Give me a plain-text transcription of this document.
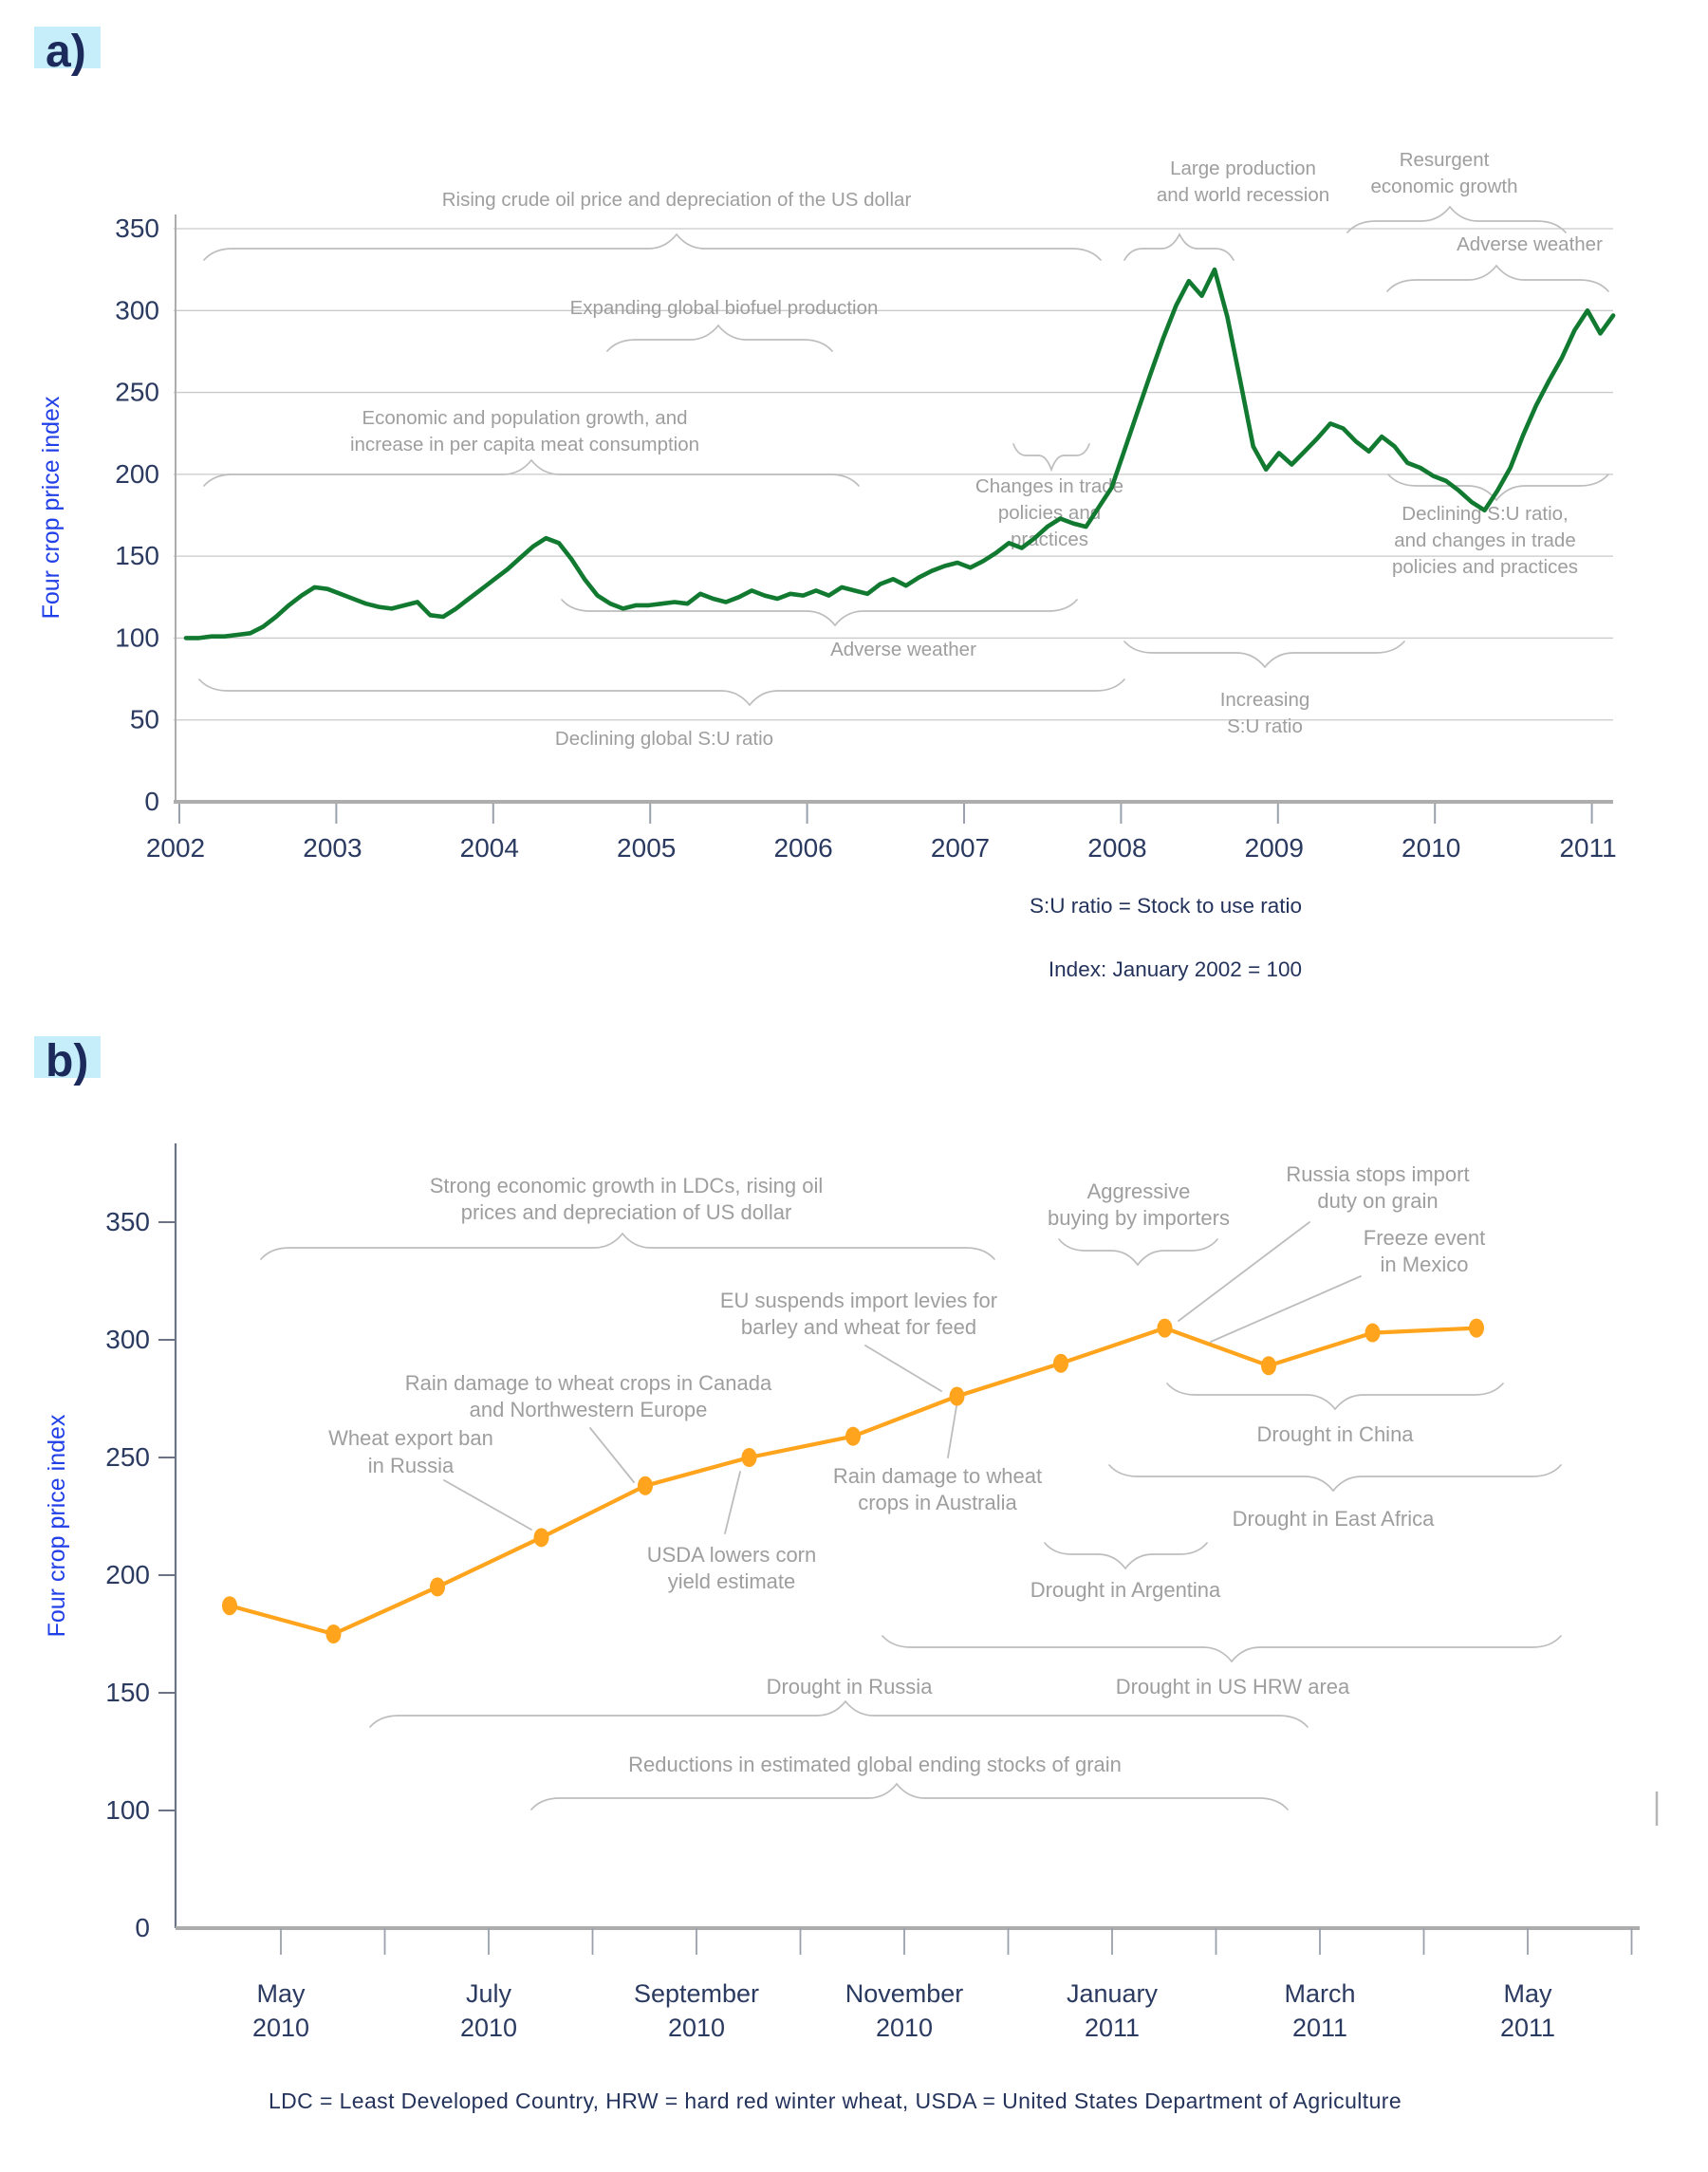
a)
b)
0
50
100
150
200
250
300
350
2002	2003	2004	2005	2006	2007	2008	2009	2010	2011
Four crop price index
Rising crude oil price and depreciation of the US dollar
Large production
and world recession
Resurgent
economic growth
Adverse weather
Expanding global biofuel production
Economic and population growth, and
increase in per capita meat consumption
Changes in trade
policies and
practices
Adverse weather
Declining global S:U ratio
Increasing
S:U ratio
Declining S:U ratio,
and changes in trade
policies and practices
S:U ratio = Stock to use ratio
Index: January 2002 = 100
0
100
150
200
250
300
350
May
2010
July
2010
September
2010
November
2010
January
2011
March
2011
May
2011
Four crop price index
Strong economic growth in LDCs, rising oil
prices and depreciation of US dollar
Wheat export ban
in Russia
Rain damage to wheat crops in Canada
and Northwestern Europe
USDA lowers corn
yield estimate
EU suspends import levies for
barley and wheat for feed
Rain damage to wheat
crops in Australia
Aggressive
buying by importers
Russia stops import
duty on grain
Freeze event
in Mexico
Drought in China
Drought in Argentina
Drought in East Africa
Drought in US HRW area
Drought in Russia
Reductions in estimated global ending stocks of grain
LDC = Least Developed Country, HRW = hard red winter wheat, USDA = United States Department of Agriculture
